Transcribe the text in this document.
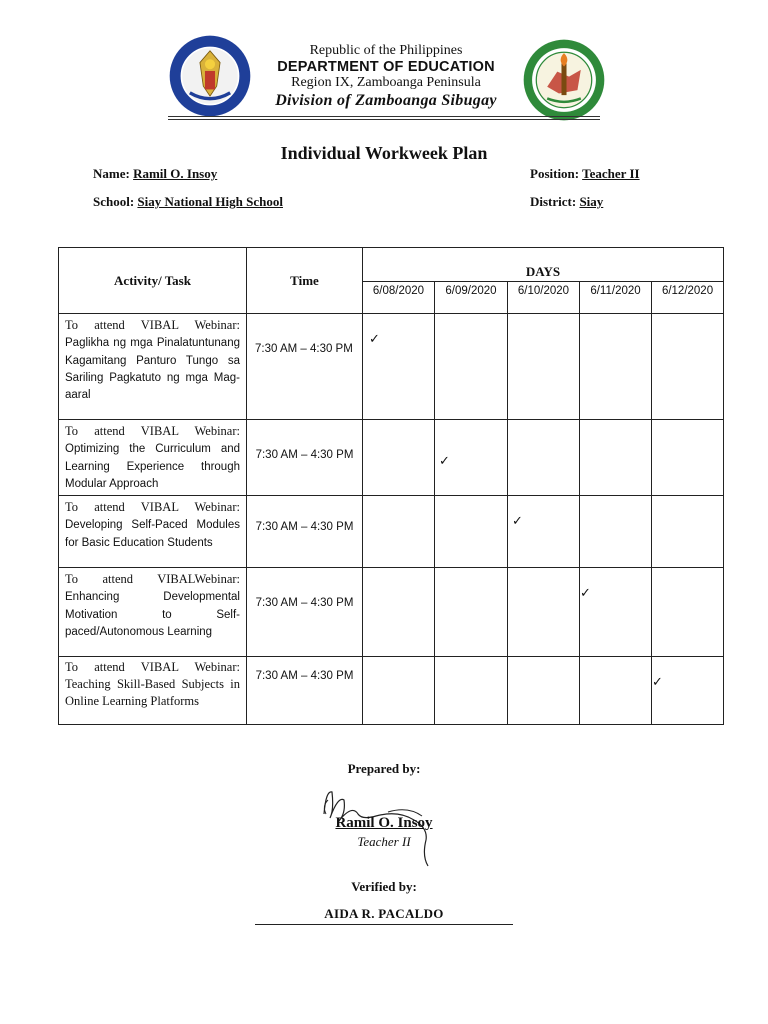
Republic of the Philippines
DEPARTMENT OF EDUCATION
Region IX, Zamboanga Peninsula
Division of Zamboanga Sibugay
Individual Workweek Plan
Name: Ramil O. Insoy	Position: Teacher II
School: Siay National High School	District: Siay
Activity/ Task	Time	DAYS				
		6/08/2020	6/09/2020	6/10/2020	6/11/2020	6/12/2020
To attend VIBAL Webinar: Paglikha ng mga Pinalatuntunang Kagamitang Panturo Tungo sa Sariling Pagkatuto ng mga Mag-aaral	7:30 AM – 4:30 PM	✓				

To attend VIBAL Webinar: Optimizing the Curriculum and Learning Experience through Modular Approach	7:30 AM – 4:30 PM		✓			

To attend VIBAL Webinar: Developing Self-Paced Modules for Basic Education Students	7:30 AM – 4:30 PM			✓		

To attend VIBALWebinar: Enhancing Developmental Motivation to Self-paced/Autonomous Learning	7:30 AM – 4:30 PM				✓	

To attend VIBAL Webinar: Teaching Skill-Based Subjects in Online Learning Platforms	7:30 AM – 4:30 PM					✓
Prepared by:
Ramil O. Insoy
Teacher II
Verified by:
AIDA R. PACALDO
